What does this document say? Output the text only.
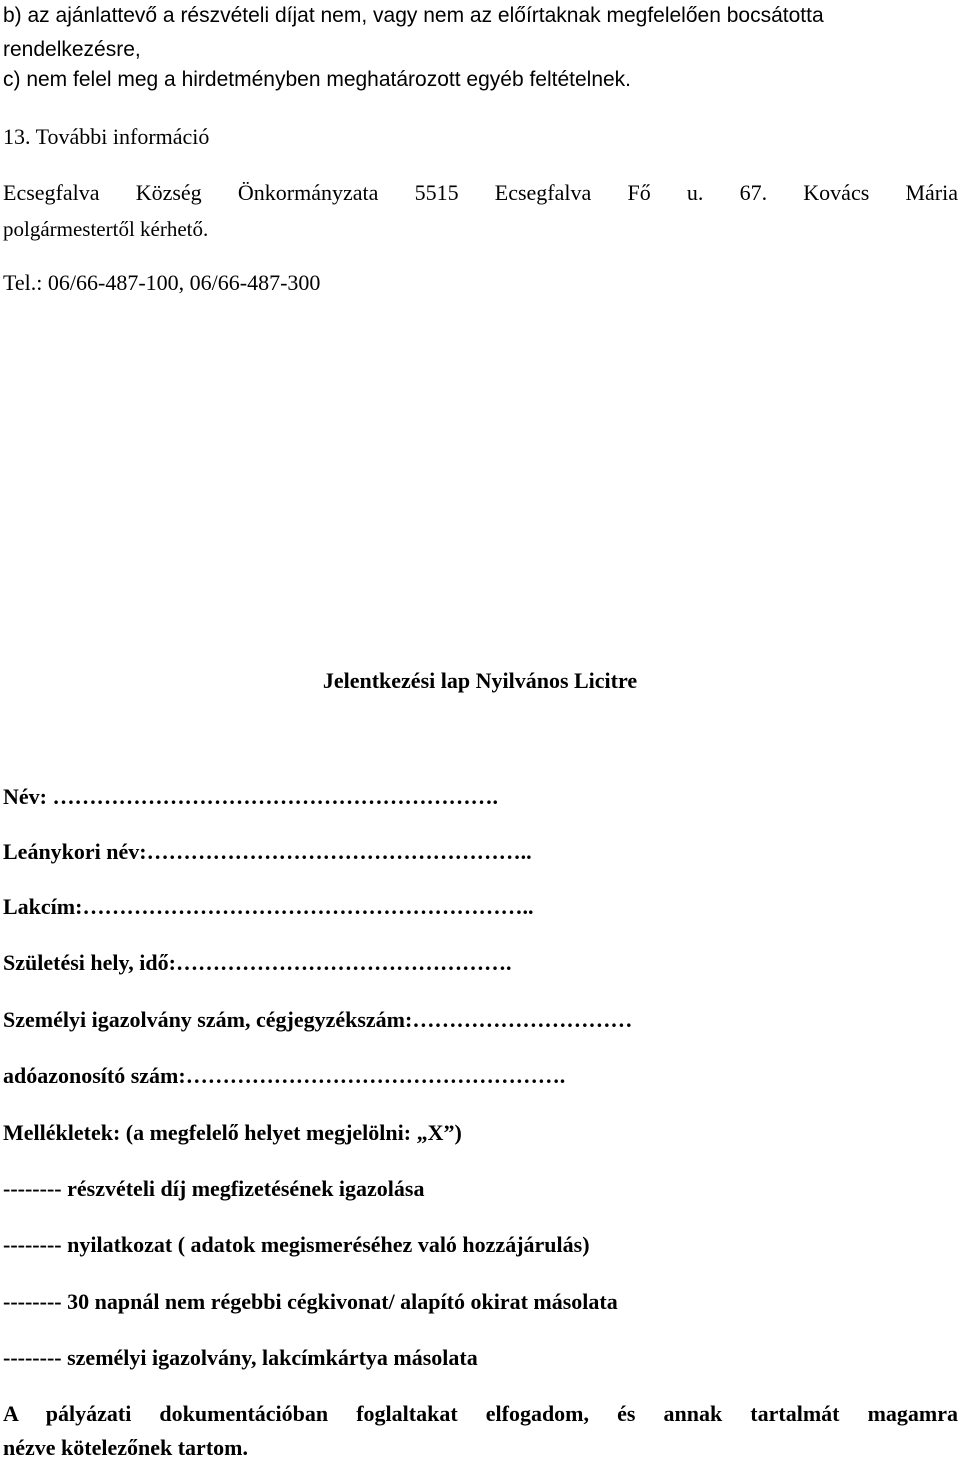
b) az ajánlattevő a részvételi díjat nem, vagy nem az előírtaknak megfelelően bocsátotta
rendelkezésre,
c) nem felel meg a hirdetményben meghatározott egyéb feltételnek.
13. További információ
Ecsegfalva Község Önkormányzata 5515 Ecsegfalva Fő u. 67. Kovács Mária
polgármestertől kérhető.
Tel.: 06/66-487-100, 06/66-487-300
Jelentkezési lap Nyilvános Licitre
Név: …………………………………………………….
Leánykori név:……………………………………………..
Lakcím:……………………………………………………..
Születési hely, idő:……………………………………….
Személyi igazolvány szám, cégjegyzékszám:…………………………
adóazonosító szám:…………………………………………….
Mellékletek: (a megfelelő helyet megjelölni: „X”)
-------- részvételi díj megfizetésének igazolása
-------- nyilatkozat ( adatok megismeréséhez való hozzájárulás)
-------- 30 napnál nem régebbi cégkivonat/ alapító okirat másolata
-------- személyi igazolvány, lakcímkártya másolata
A pályázati dokumentációban foglaltakat elfogadom, és annak tartalmát magamra
nézve kötelezőnek tartom.
